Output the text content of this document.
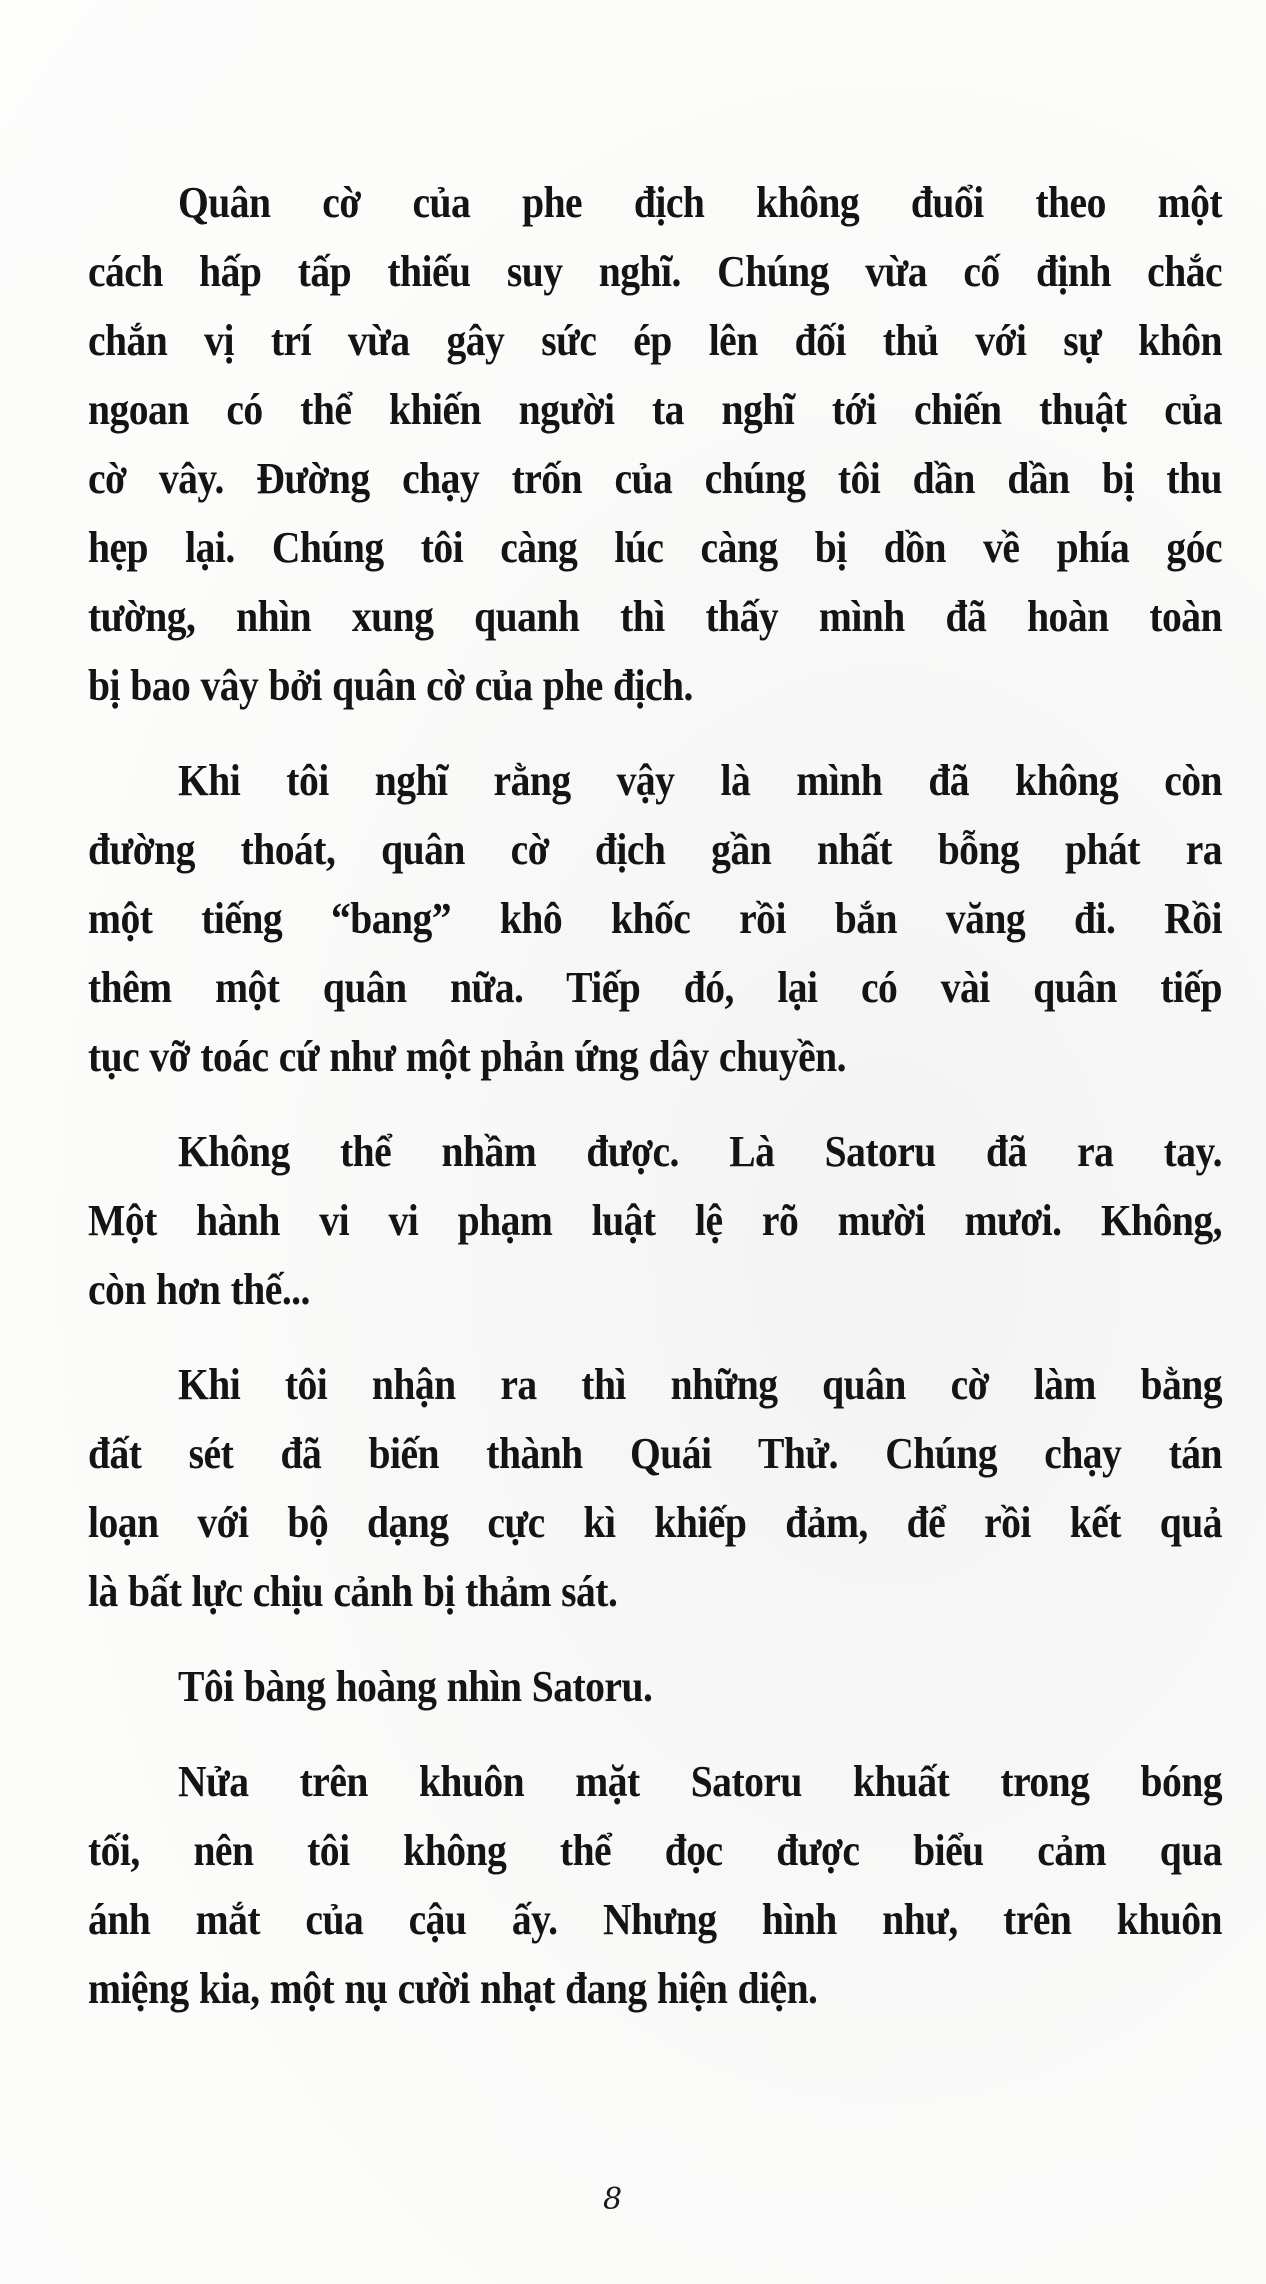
Quân cờ của phe địch không đuổi theo một
cách hấp tấp thiếu suy nghĩ. Chúng vừa cố định chắc
chắn vị trí vừa gây sức ép lên đối thủ với sự khôn
ngoan có thể khiến người ta nghĩ tới chiến thuật của
cờ vây. Đường chạy trốn của chúng tôi dần dần bị thu
hẹp lại. Chúng tôi càng lúc càng bị dồn về phía góc
tường, nhìn xung quanh thì thấy mình đã hoàn toàn
bị bao vây bởi quân cờ của phe địch.

Khi tôi nghĩ rằng vậy là mình đã không còn
đường thoát, quân cờ địch gần nhất bỗng phát ra
một tiếng “bang” khô khốc rồi bắn văng đi. Rồi
thêm một quân nữa. Tiếp đó, lại có vài quân tiếp
tục vỡ toác cứ như một phản ứng dây chuyền.

Không thể nhầm được. Là Satoru đã ra tay.
Một hành vi vi phạm luật lệ rõ mười mươi. Không,
còn hơn thế...

Khi tôi nhận ra thì những quân cờ làm bằng
đất sét đã biến thành Quái Thử. Chúng chạy tán
loạn với bộ dạng cực kì khiếp đảm, để rồi kết quả
là bất lực chịu cảnh bị thảm sát.

Tôi bàng hoàng nhìn Satoru.

Nửa trên khuôn mặt Satoru khuất trong bóng
tối, nên tôi không thể đọc được biểu cảm qua
ánh mắt của cậu ấy. Nhưng hình như, trên khuôn
miệng kia, một nụ cười nhạt đang hiện diện.

8
